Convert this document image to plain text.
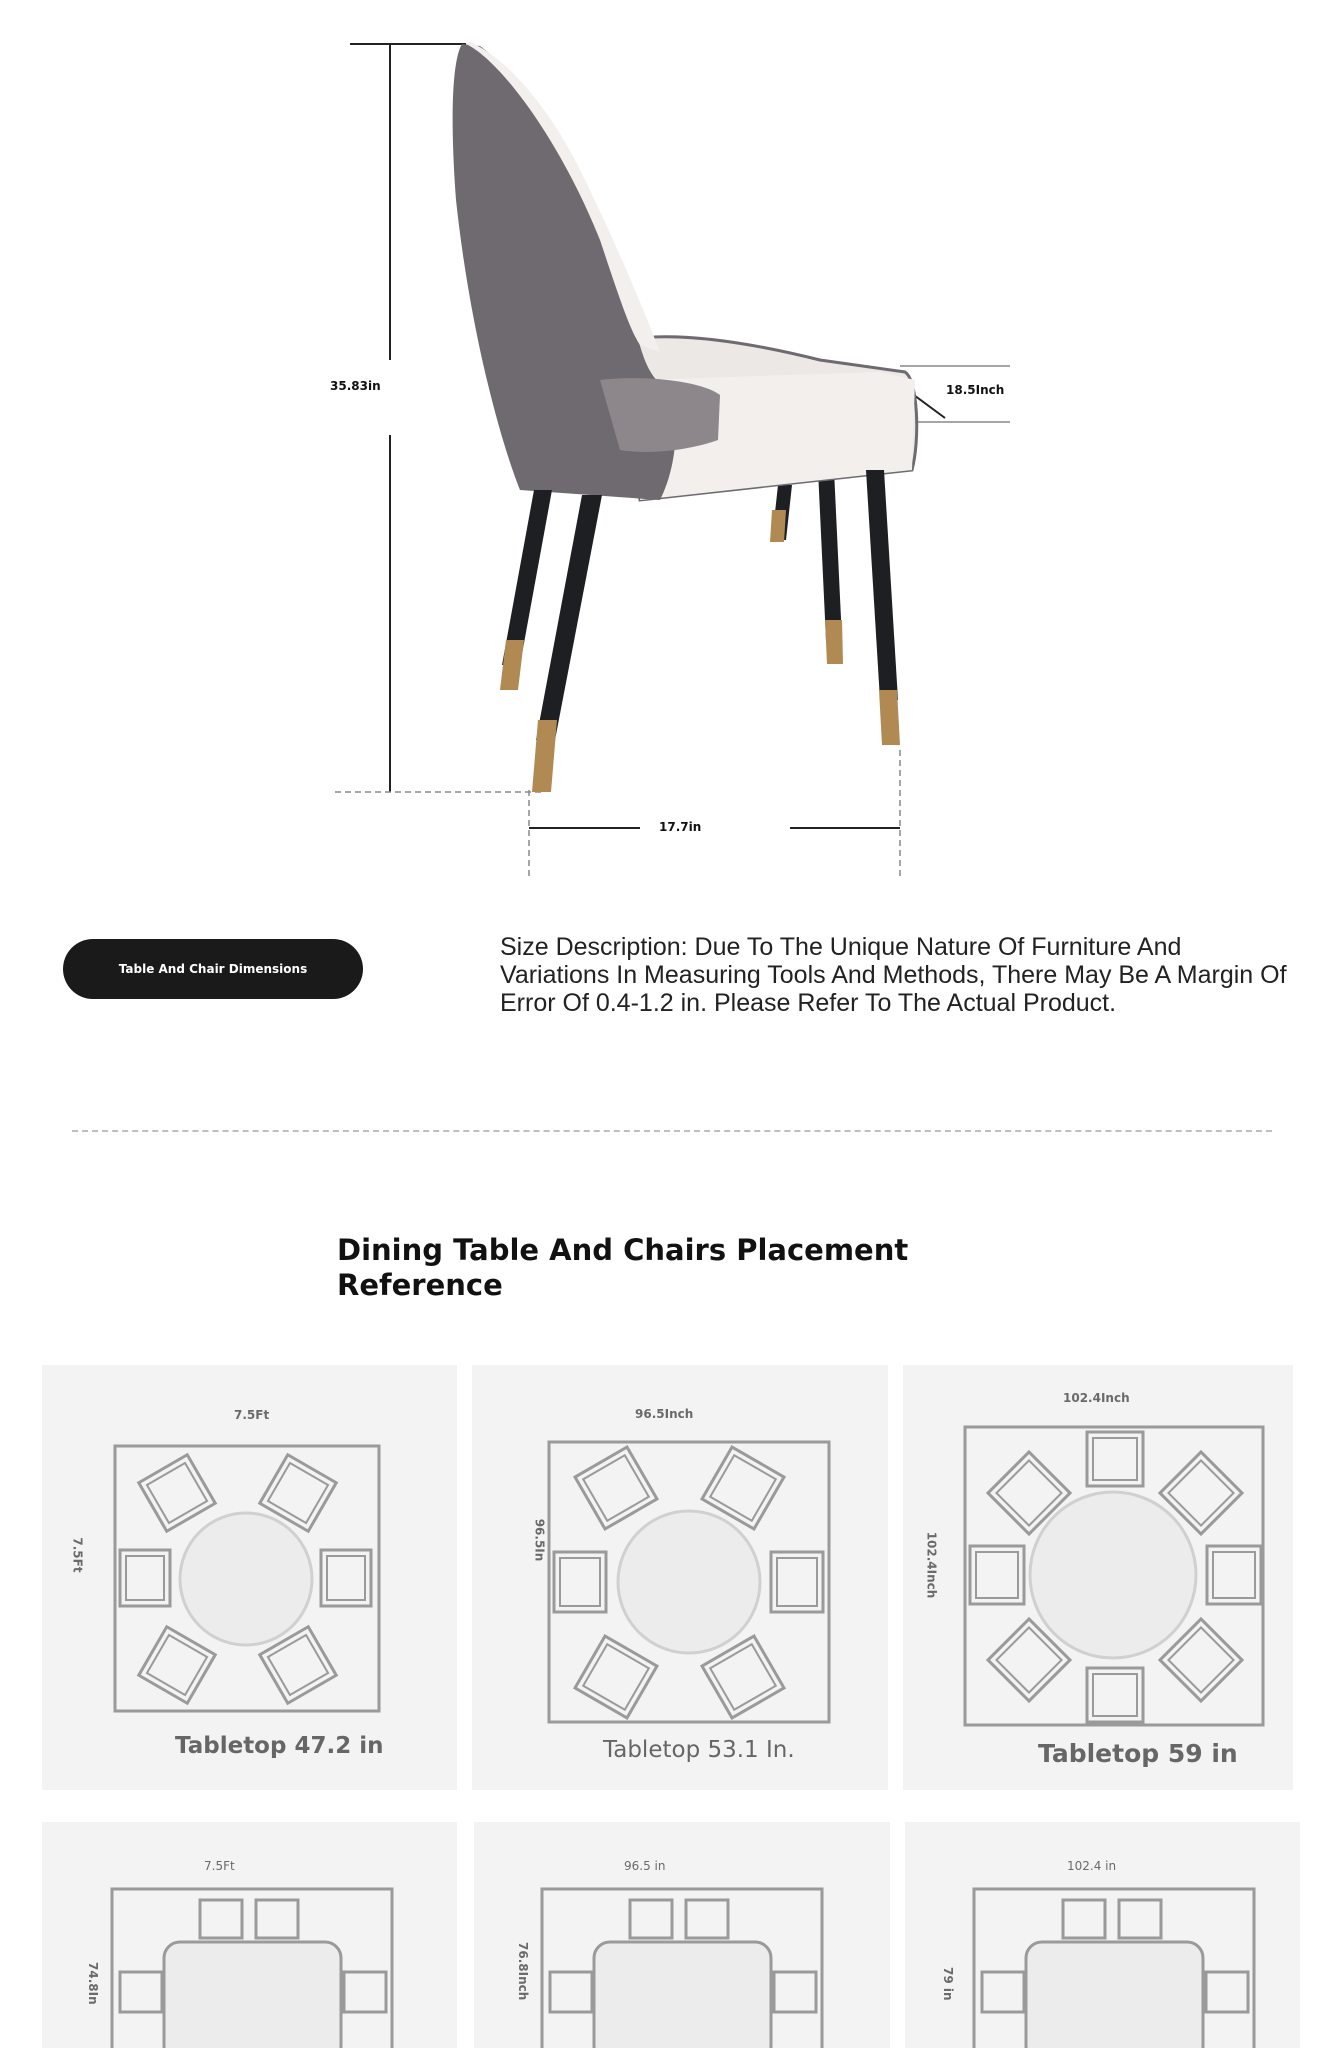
35.83in	18.5Inch
17.7in
Table And Chair Dimensions
Size Description: Due To The Unique Nature Of Furniture And Variations In Measuring Tools And Methods, There May Be A Margin Of Error Of 0.4-1.2 in. Please Refer To The Actual Product.
Dining Table And Chairs Placement Reference
7.5Ft
7.5Ft
Tabletop 47.2 in
96.5Inch
96.5In
Tabletop 53.1 In.
102.4Inch
102.4Inch
Tabletop 59 in
7.5Ft
74.8In
96.5 in
76.8Inch
102.4 in
79 in
